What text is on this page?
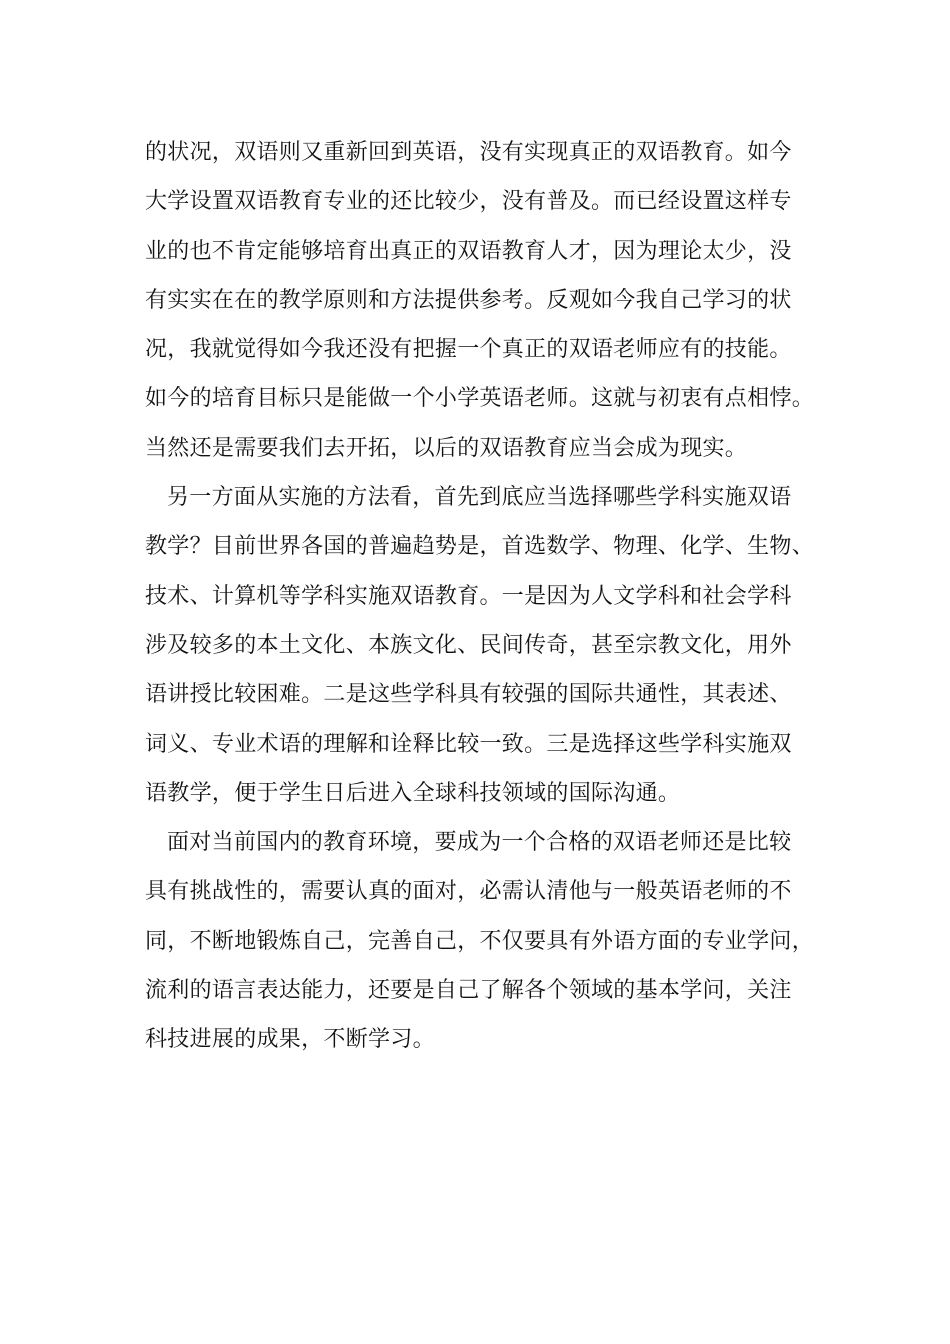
的状况，双语则又重新回到英语，没有实现真正的双语教育。如今
大学设置双语教育专业的还比较少，没有普及。而已经设置这样专
业的也不肯定能够培育出真正的双语教育人才，因为理论太少，没
有实实在在的教学原则和方法提供参考。反观如今我自己学习的状
况，我就觉得如今我还没有把握一个真正的双语老师应有的技能。
如今的培育目标只是能做一个小学英语老师。这就与初衷有点相悖。
当然还是需要我们去开拓，以后的双语教育应当会成为现实。
另一方面从实施的方法看，首先到底应当选择哪些学科实施双语
教学？目前世界各国的普遍趋势是，首选数学、物理、化学、生物、
技术、计算机等学科实施双语教育。一是因为人文学科和社会学科
涉及较多的本土文化、本族文化、民间传奇，甚至宗教文化，用外
语讲授比较困难。二是这些学科具有较强的国际共通性，其表述、
词义、专业术语的理解和诠释比较一致。三是选择这些学科实施双
语教学，便于学生日后进入全球科技领域的国际沟通。
面对当前国内的教育环境，要成为一个合格的双语老师还是比较
具有挑战性的，需要认真的面对，必需认清他与一般英语老师的不
同，不断地锻炼自己，完善自己，不仅要具有外语方面的专业学问，
流利的语言表达能力，还要是自己了解各个领域的基本学问，关注
科技进展的成果，不断学习。
